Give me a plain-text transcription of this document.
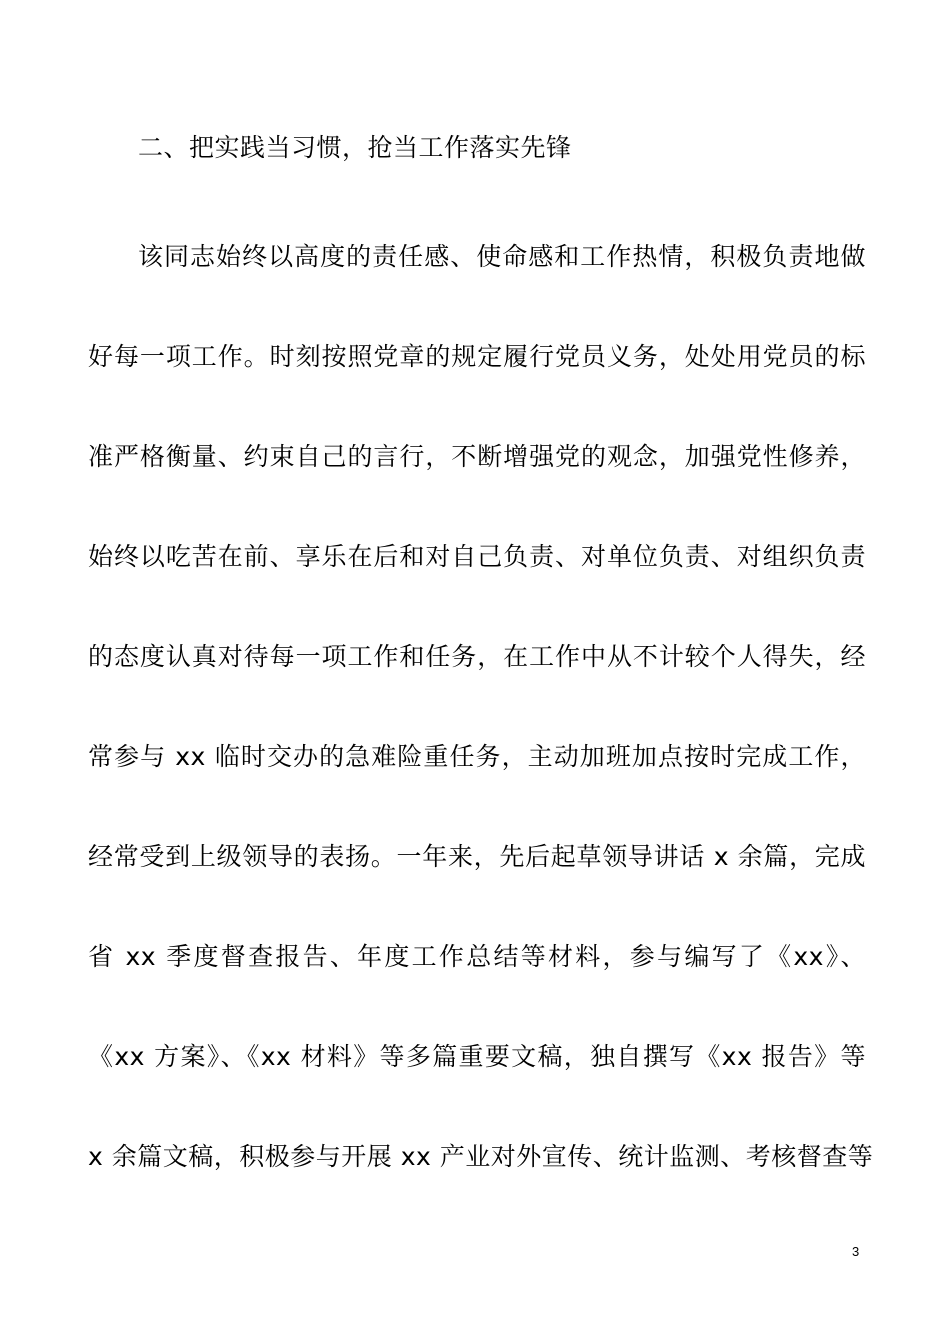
二、把实践当习惯，抢当工作落实先锋
该同志始终以高度的责任感、使命感和工作热情，积极负责地做
好每一项工作。时刻按照党章的规定履行党员义务，处处用党员的标
准严格衡量、约束自己的言行，不断增强党的观念，加强党性修养，
始终以吃苦在前、享乐在后和对自己负责、对单位负责、对组织负责
的态度认真对待每一项工作和任务，在工作中从不计较个人得失，经
常参与 xx 临时交办的急难险重任务，主动加班加点按时完成工作，
经常受到上级领导的表扬。一年来，先后起草领导讲话 x 余篇，完成
省 xx 季度督查报告、年度工作总结等材料，参与编写了《xx》、
《xx 方案》、《xx 材料》等多篇重要文稿，独自撰写《xx 报告》等
x 余篇文稿，积极参与开展 xx 产业对外宣传、统计监测、考核督查等
3
